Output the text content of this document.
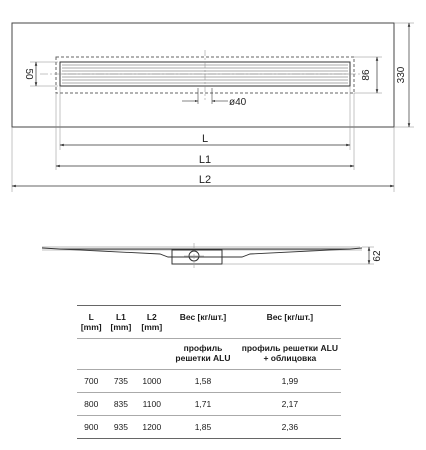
50	86 330
ø40
L
L1
L2
62
L [mm]	L1 [mm]	L2 [mm]	Вес [кг/шт.]	Вес [кг/шт.]
			профиль решетки ALU	профиль решетки ALU + облицовка
700	735	1000	1,58	1,99
800	835	1100	1,71	2,17
900	935	1200	1,85	2,36
